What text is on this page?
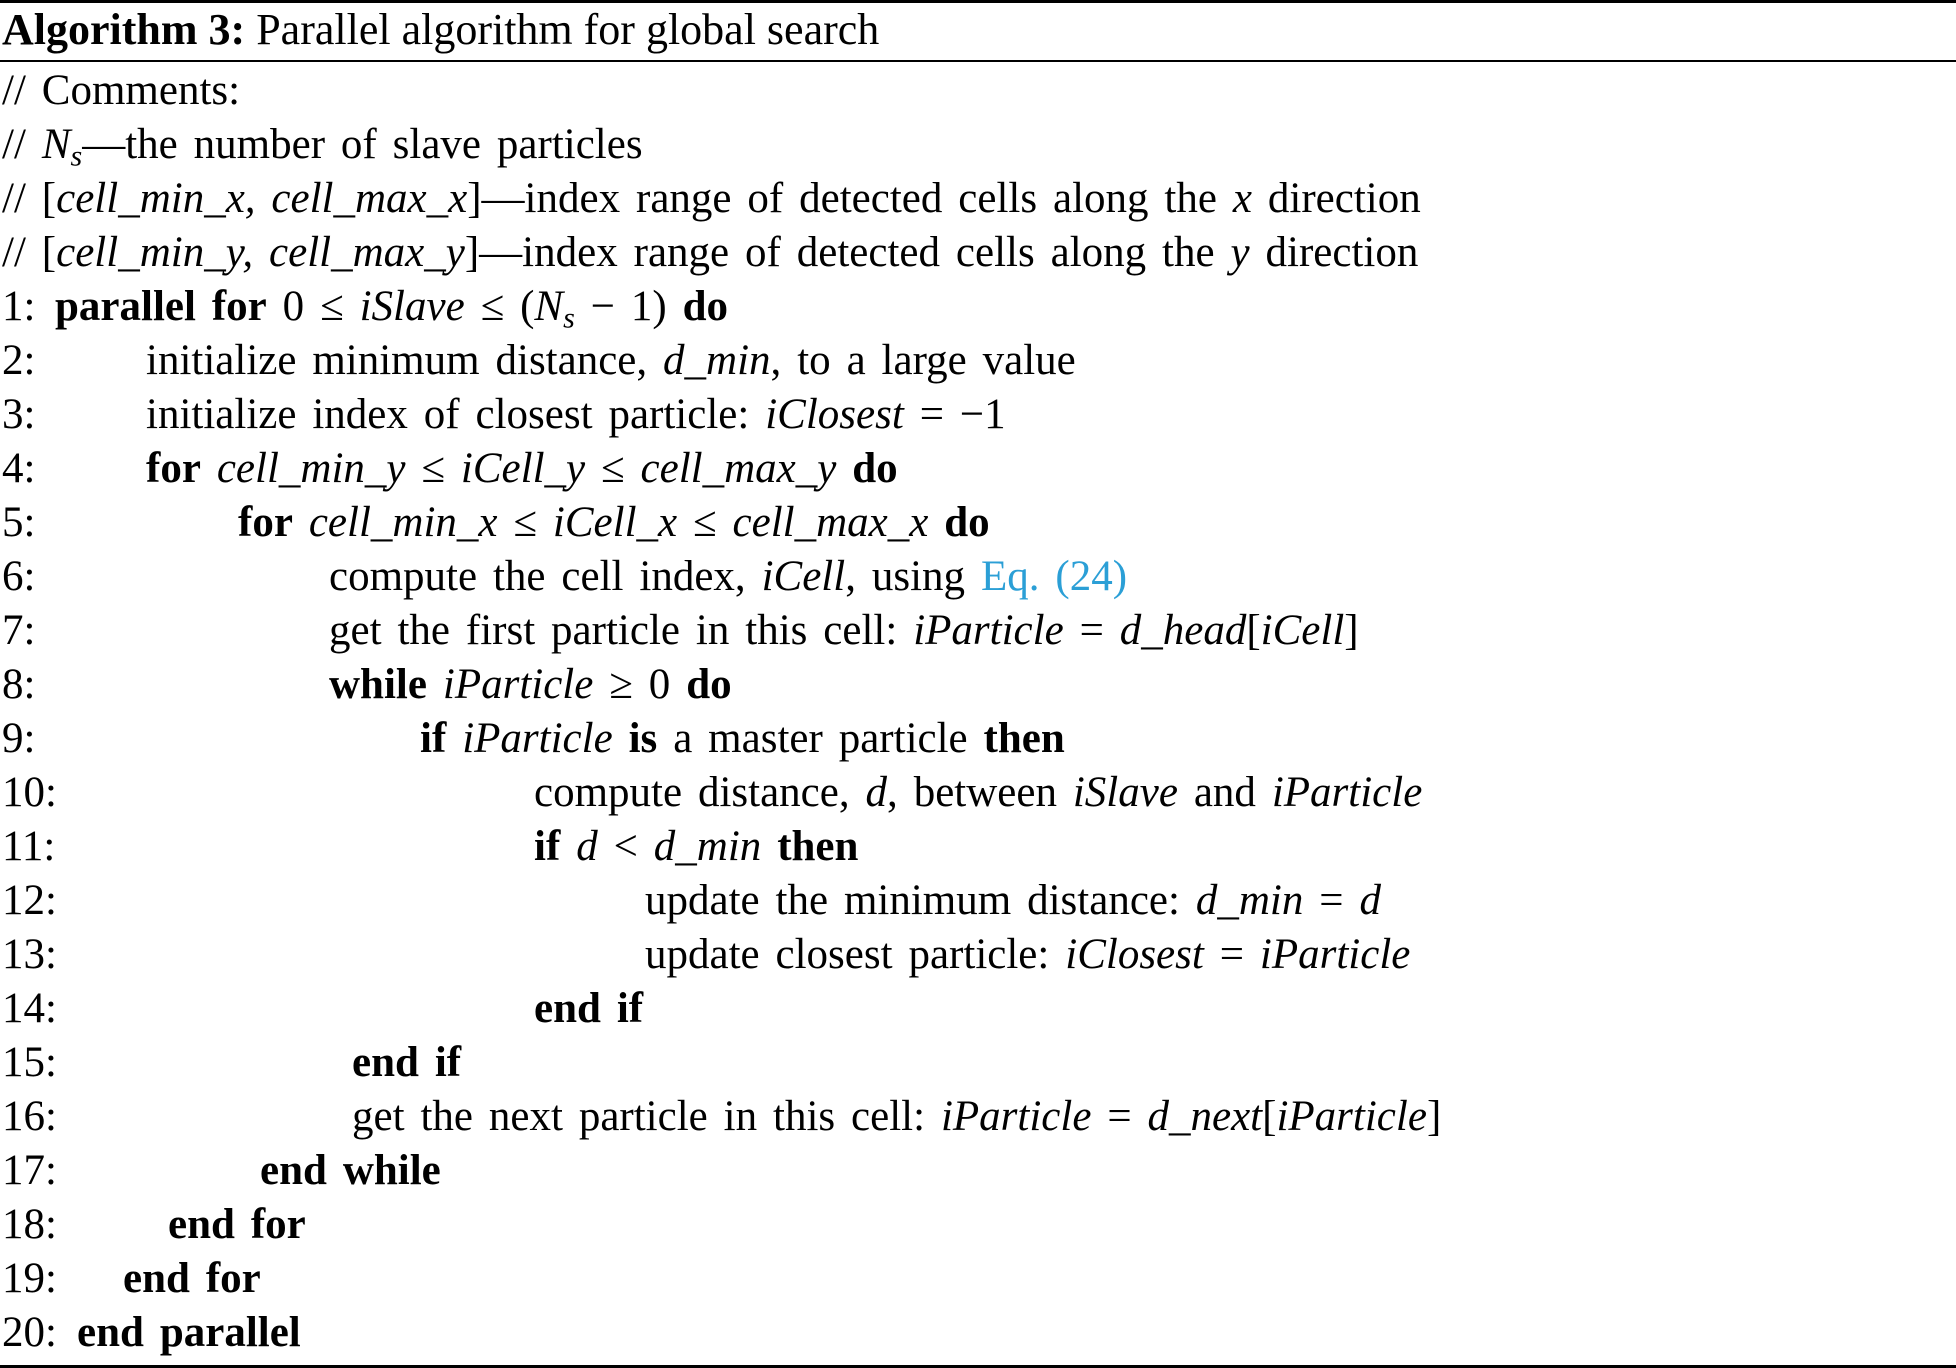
Algorithm 3: Parallel algorithm for global search
// Comments:
// $N_s—the$ number of slave particles
// [cell_min_x, cell_max_x]—index range of detected cells along the x direction
// [cell_min_y, cell_max_y]—index range of detected cells along the y direction
1: parallel for 0 ≤ iSlave ≤ $(N_s - 1)$ do
2:	initialize minimum distance, d_min, to a large value
3:	initialize index of closest particle: iClosest = −1
4:	for cell_min_y ≤ iCell_y ≤ cell_max_y do
5:	for cell_min_x ≤ iCell_x ≤ cell_max_x do
6:	compute the cell index, iCell, using Eq. (24)
7:	get the first particle in this cell: iParticle = d_head[iCell]
8:	while iParticle ≥ 0 do
9:	if iParticle is a master particle then
10:	compute distance, d, between iSlave and iParticle
11:	if d < d_min then
12:	update the minimum distance: d_min = d
13:	update closest particle: iClosest = iParticle
14:	end if
15:	end if
16:	get the next particle in this cell: iParticle = d_next[iParticle]
17:	end while
18:	end for
19: end for
20: end parallel
